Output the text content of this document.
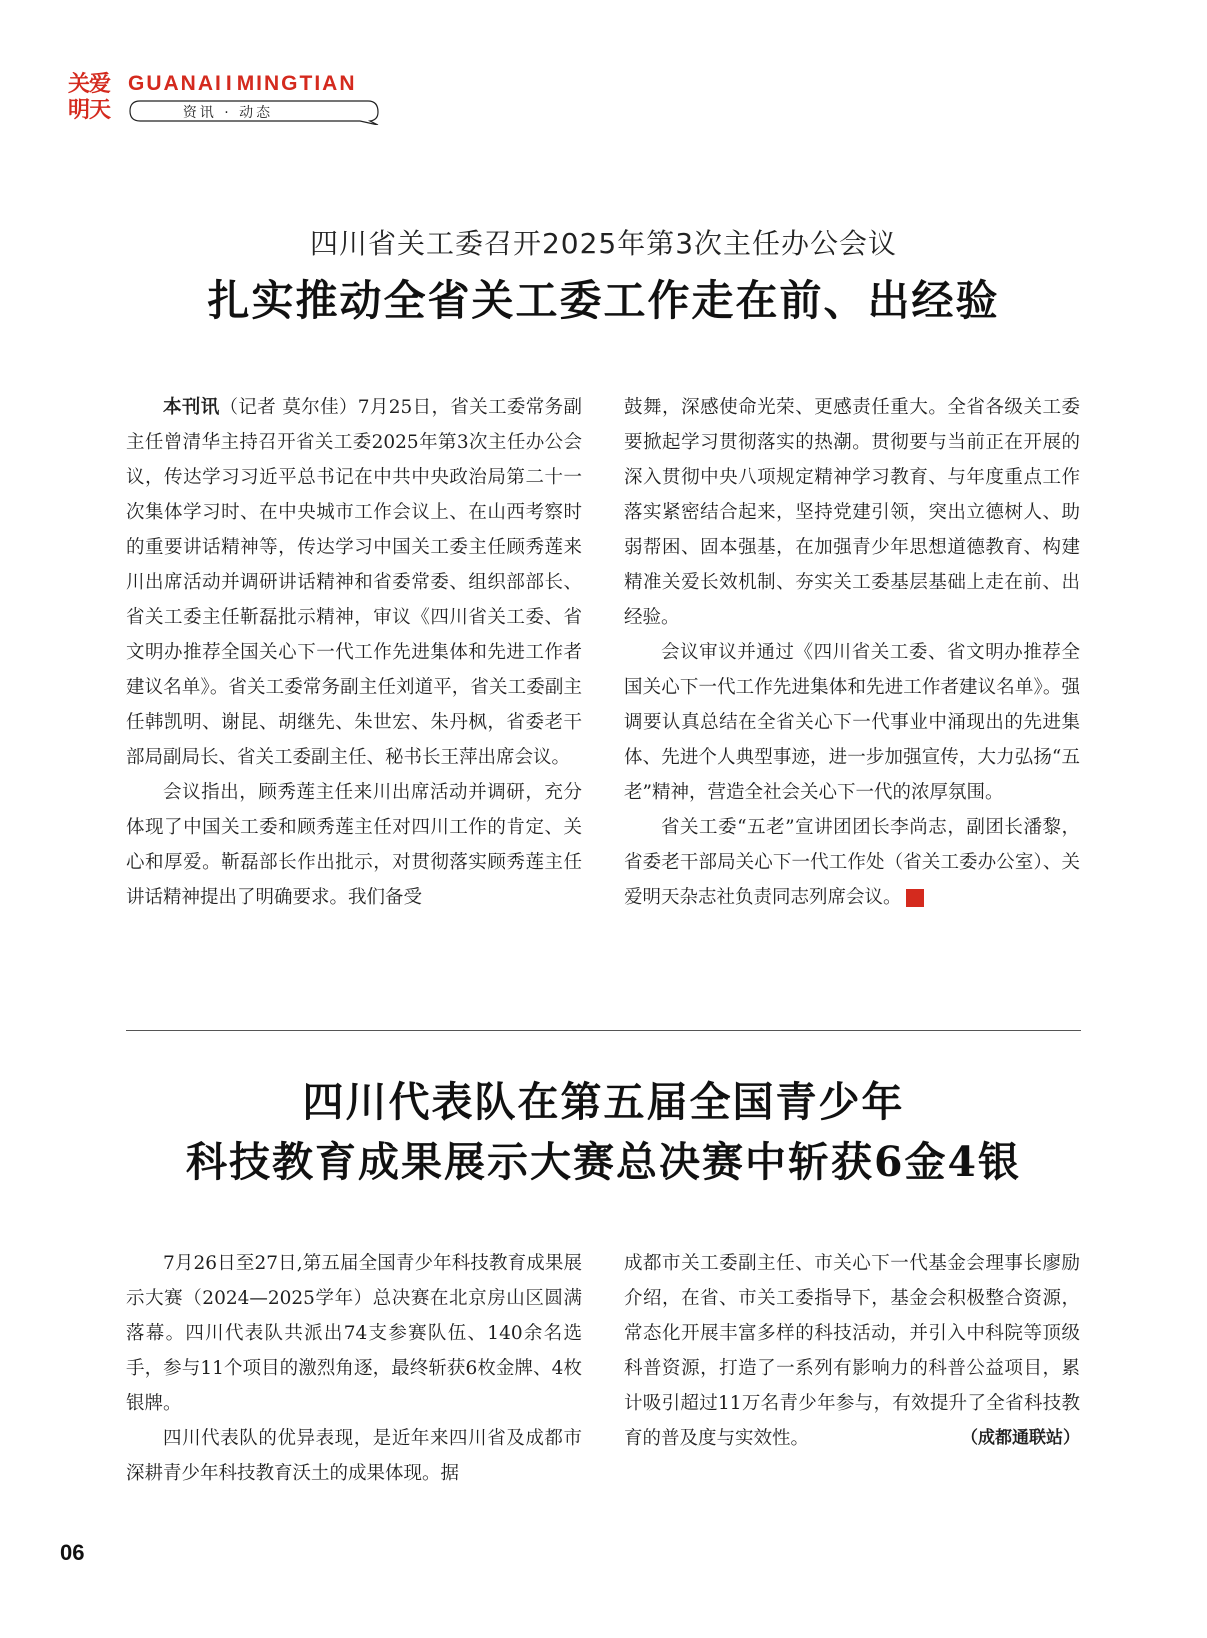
关爱
明天
GUANAI I MINGTIAN
资讯 · 动态
四川省关工委召开2025年第3次主任办公会议
扎实推动全省关工委工作走在前、出经验

本刊讯（记者 莫尔佳）7月25日，省关工委常务副主任曾清华主持召开省关工委2025年第3次主任办公会议，传达学习习近平总书记在中共中央政治局第二十一次集体学习时、在中央城市工作会议上、在山西考察时的重要讲话精神等，传达学习中国关工委主任顾秀莲来川出席活动并调研讲话精神和省委常委、组织部部长、省关工委主任靳磊批示精神，审议《四川省关工委、省文明办推荐全国关心下一代工作先进集体和先进工作者建议名单》。省关工委常务副主任刘道平，省关工委副主任韩凯明、谢昆、胡继先、朱世宏、朱丹枫，省委老干部局副局长、省关工委副主任、秘书长王萍出席会议。

会议指出，顾秀莲主任来川出席活动并调研，充分体现了中国关工委和顾秀莲主任对四川工作的肯定、关心和厚爱。靳磊部长作出批示，对贯彻落实顾秀莲主任讲话精神提出了明确要求。我们备受

鼓舞，深感使命光荣、更感责任重大。全省各级关工委要掀起学习贯彻落实的热潮。贯彻要与当前正在开展的深入贯彻中央八项规定精神学习教育、与年度重点工作落实紧密结合起来，坚持党建引领，突出立德树人、助弱帮困、固本强基，在加强青少年思想道德教育、构建精准关爱长效机制、夯实关工委基层基础上走在前、出经验。

会议审议并通过《四川省关工委、省文明办推荐全国关心下一代工作先进集体和先进工作者建议名单》。强调要认真总结在全省关心下一代事业中涌现出的先进集体、先进个人典型事迹，进一步加强宣传，大力弘扬“五老”精神，营造全社会关心下一代的浓厚氛围。

省关工委“五老”宣讲团团长李尚志，副团长潘黎，省委老干部局关心下一代工作处（省关工委办公室）、关爱明天杂志社负责同志列席会议。	关

四川代表队在第五届全国青少年
科技教育成果展示大赛总决赛中斩获6金4银

7月26日至27日,第五届全国青少年科技教育成果展示大赛（2024—2025学年）总决赛在北京房山区圆满落幕。四川代表队共派出74支参赛队伍、140余名选手，参与11个项目的激烈角逐，最终斩获6枚金牌、4枚银牌。

四川代表队的优异表现，是近年来四川省及成都市深耕青少年科技教育沃土的成果体现。据

成都市关工委副主任、市关心下一代基金会理事长廖励介绍，在省、市关工委指导下，基金会积极整合资源，常态化开展丰富多样的科技活动，并引入中科院等顶级科普资源，打造了一系列有影响力的科普公益项目，累计吸引超过11万名青少年参与，有效提升了全省科技教育的普及度与实效性。	（成都通联站）
06
